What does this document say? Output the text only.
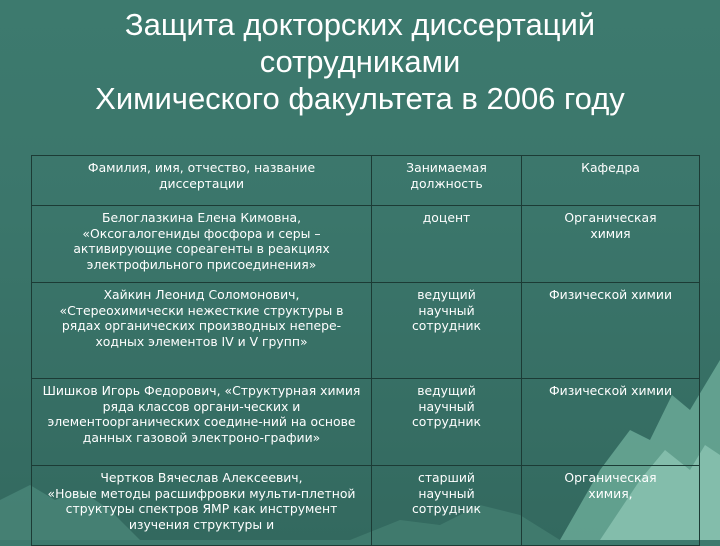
Защита докторских диссертаций
сотрудниками
Химического факультета в 2006 году
Фамилия, имя, отчество, название диссертации	Занимаемая должность	Кафедра

Белоглазкина Елена Кимовна,
«Оксогалогениды фосфора и серы – активирующие сореагенты в реакциях электрофильного присоединения»	доцент	Органическая химия

Хайкин Леонид Соломонович,
«Стереохимически нежесткие структуры в рядах органических производных непере-ходных элементов IV и V групп»	ведущий научный сотрудник	Физической химии
Шишков Игорь Федорович, «Структурная химия ряда классов органи-ческих и элементоорганических соедине-ний на основе данных газовой электроно-графии»	ведущий научный сотрудник	Физической химии

Чертков Вячеслав Алексеевич,
«Новые методы расшифровки мульти-плетной структуры спектров ЯМР как инструмент изучения структуры и	старший научный сотрудник	Органическая химия,
